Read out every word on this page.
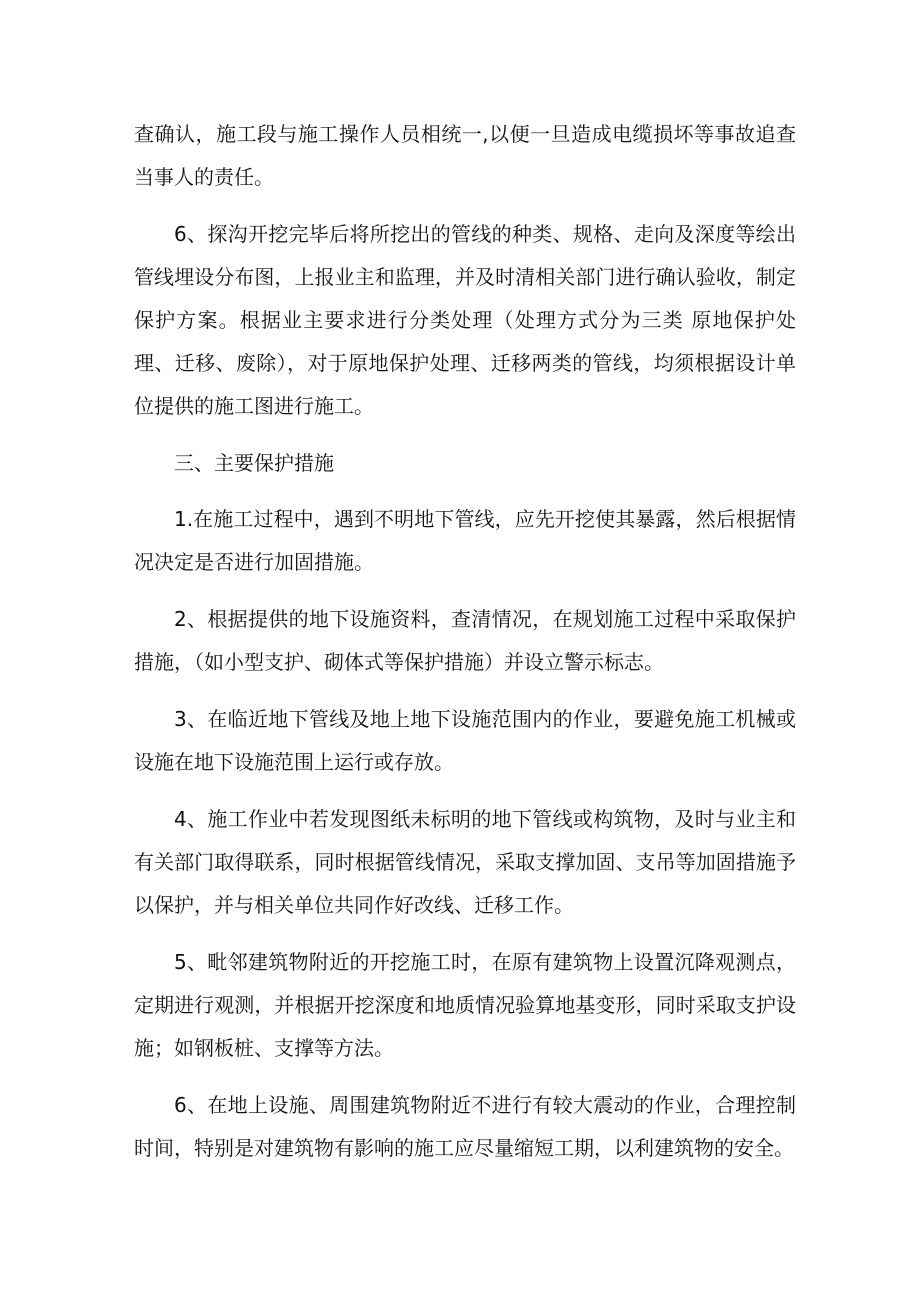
查确认，施工段与施工操作人员相统一,以便一旦造成电缆损坏等事故追查当事人的责任。

6、探沟开挖完毕后将所挖出的管线的种类、规格、走向及深度等绘出管线埋设分布图，上报业主和监理，并及时清相关部门进行确认验收，制定保护方案。根据业主要求进行分类处理（处理方式分为三类 原地保护处理、迁移、废除），对于原地保护处理、迁移两类的管线，均须根据设计单位提供的施工图进行施工。

三、主要保护措施

1.在施工过程中，遇到不明地下管线，应先开挖使其暴露，然后根据情况决定是否进行加固措施。

2、根据提供的地下设施资料，查清情况，在规划施工过程中采取保护措施，（如小型支护、砌体式等保护措施）并设立警示标志。

3、在临近地下管线及地上地下设施范围内的作业，要避免施工机械或设施在地下设施范围上运行或存放。

4、施工作业中若发现图纸未标明的地下管线或构筑物，及时与业主和有关部门取得联系，同时根据管线情况，采取支撑加固、支吊等加固措施予以保护，并与相关单位共同作好改线、迁移工作。

5、毗邻建筑物附近的开挖施工时，在原有建筑物上设置沉降观测点，定期进行观测，并根据开挖深度和地质情况验算地基变形，同时采取支护设施；如钢板桩、支撑等方法。

6、在地上设施、周围建筑物附近不进行有较大震动的作业，合理控制时间，特别是对建筑物有影响的施工应尽量缩短工期，以利建筑物的安全。
